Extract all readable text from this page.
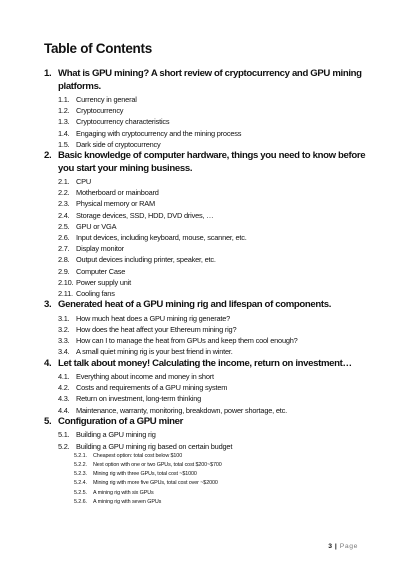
Table of Contents
1. What is GPU mining? A short review of cryptocurrency and GPU mining platforms.
1.1. Currency in general
1.2. Cryptocurrency
1.3. Cryptocurrency characteristics
1.4. Engaging with cryptocurrency and the mining process
1.5. Dark side of cryptocurrency
2. Basic knowledge of computer hardware, things you need to know before you start your mining business.
2.1. CPU
2.2. Motherboard or mainboard
2.3. Physical memory or RAM
2.4. Storage devices, SSD, HDD, DVD drives, …
2.5. GPU or VGA
2.6. Input devices, including keyboard, mouse, scanner, etc.
2.7. Display monitor
2.8. Output devices including printer, speaker, etc.
2.9. Computer Case
2.10. Power supply unit
2.11. Cooling fans
3. Generated heat of a GPU mining rig and lifespan of components.
3.1. How much heat does a GPU mining rig generate?
3.2. How does the heat affect your Ethereum mining rig?
3.3. How can I to manage the heat from GPUs and keep them cool enough?
3.4. A small quiet mining rig is your best friend in winter.
4. Let talk about money! Calculating the income, return on investment…
4.1. Everything about income and money in short
4.2. Costs and requirements of a GPU mining system
4.3. Return on investment, long-term thinking
4.4. Maintenance, warranty, monitoring, breakdown, power shortage, etc.
5. Configuration of a GPU miner
5.1. Building a GPU mining rig
5.2. Building a GPU mining rig based on certain budget
5.2.1. Cheapest option: total cost below $100
5.2.2. Next option with one or two GPUs, total cost $200~$700
5.2.3. Mining rig with three GPUs, total cost ~$1000
5.2.4. Mining rig with more five GPUs, total cost over ~$2000
5.2.5. A mining rig with six GPUs
5.2.6. A mining rig with seven GPUs
3 | Page
